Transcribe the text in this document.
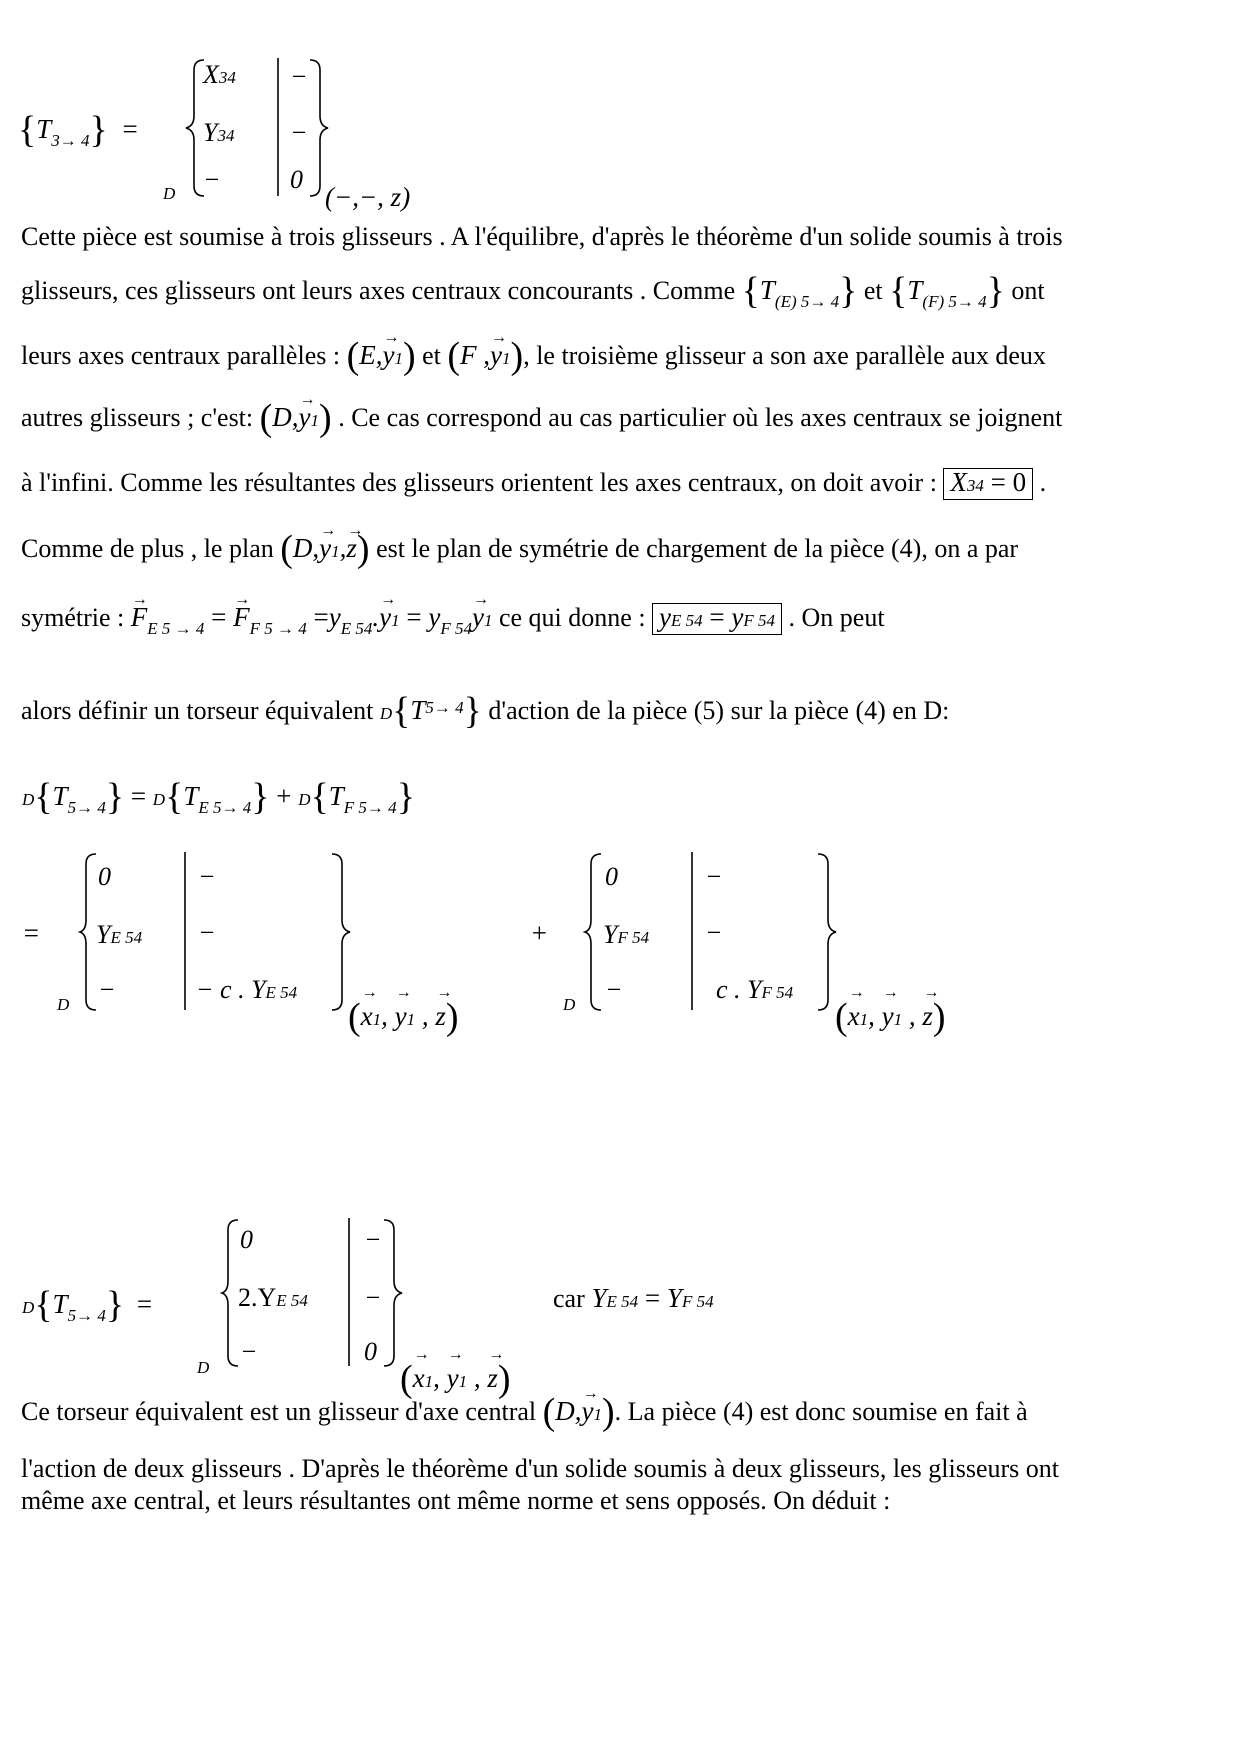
$\{T_{3\to 4}\}$ =
D
X34
Y34
−
−
−
0
(−,−, z)
Cette pièce est soumise à trois glisseurs . A l'équilibre, d'après le théorème d'un solide soumis à trois
glisseurs, ces glisseurs ont leurs axes centraux concourants . Comme $\{T_{(E) 5\to 4}\}$ et $\{T_{(F) 5\to 4}\}$ ont
leurs axes centraux parallèles : (E,y →1) et (F ,y →1), le troisième glisseur a son axe parallèle aux deux
autres glisseurs ; c'est: (D,y →1) . Ce cas correspond au cas particulier où les axes centraux se joignent
à l'infini. Comme les résultantes des glisseurs orientent les axes centraux, on doit avoir : X34 = 0 .
Comme de plus , le plan (D,y →1,z →) est le plan de symétrie de chargement de la pièce (4), on a par
symétrie : $F \to_{E 5 \to 4} = F \to_{F 5 \to 4} =y_{E 54}.y \to 1 = y_{F 54}y \to 1$ ce qui donne : yE 54 = yF 54 . On peut
alors définir un torseur équivalent $D\{T^{5\to 4}\}$ d'action de la pièce (5) sur la pièce (4) en D:
$D\{T_{5\to 4}\} = D\{T_{E 5\to 4}\} + D\{T_{F 5\to 4}\}$
=
D
0
YE 54
−
−
−
− c . YE 54
(x →1, y →1 , z →)
+
D
0
YF 54
−
−
−
c . YF 54
(x →1, y →1 , z →)
$D\{T_{5\to 4}\}$ =
D
0
2.YE 54
−
−
−
0
(x →1, y →1 , z →)
car YE 54 = YF 54
Ce torseur équivalent est un glisseur d'axe central (D,y →1). La pièce (4) est donc soumise en fait à
l'action de deux glisseurs . D'après le théorème d'un solide soumis à deux glisseurs, les glisseurs ont
même axe central, et leurs résultantes ont même norme et sens opposés. On déduit :
